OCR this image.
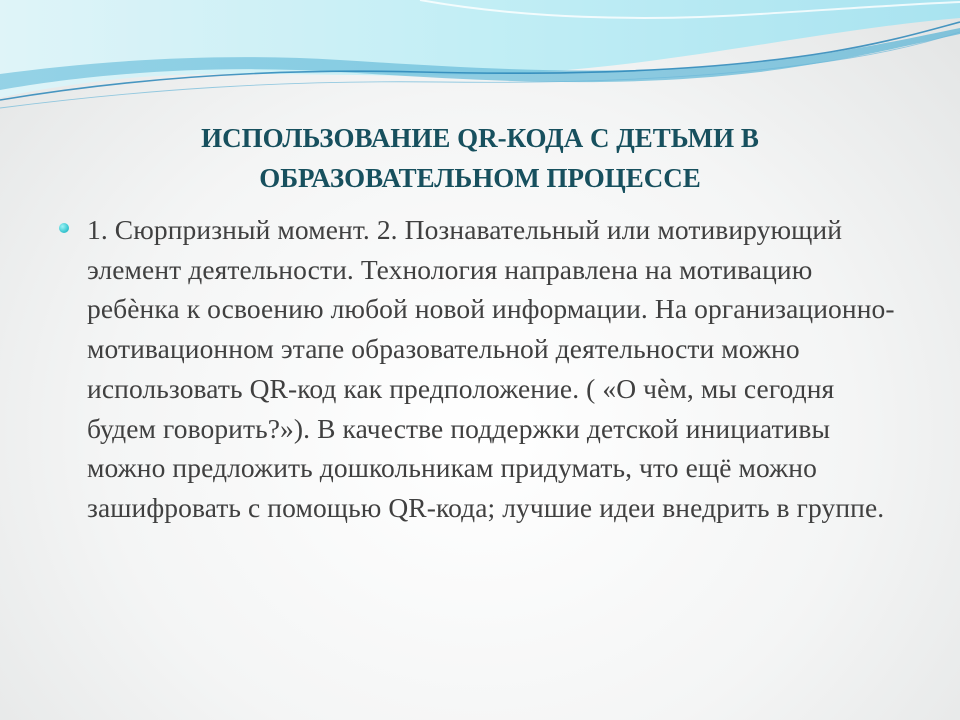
ИСПОЛЬЗОВАНИЕ QR-КОДА С ДЕТЬМИ В
ОБРАЗОВАТЕЛЬНОМ ПРОЦЕССЕ
1. Сюрпризный момент. 2. Познавательный или мотивирующий элемент деятельности. Технология направлена на мотивацию ребѐнка к освоению любой новой информации. На организационно-мотивационном этапе образовательной деятельности можно использовать QR-код как предположение. ( «О чѐм, мы сегодня будем говорить?»). В качестве поддержки детской инициативы можно предложить дошкольникам придумать, что ещё можно зашифровать с помощью QR-кода; лучшие идеи внедрить в группе.
